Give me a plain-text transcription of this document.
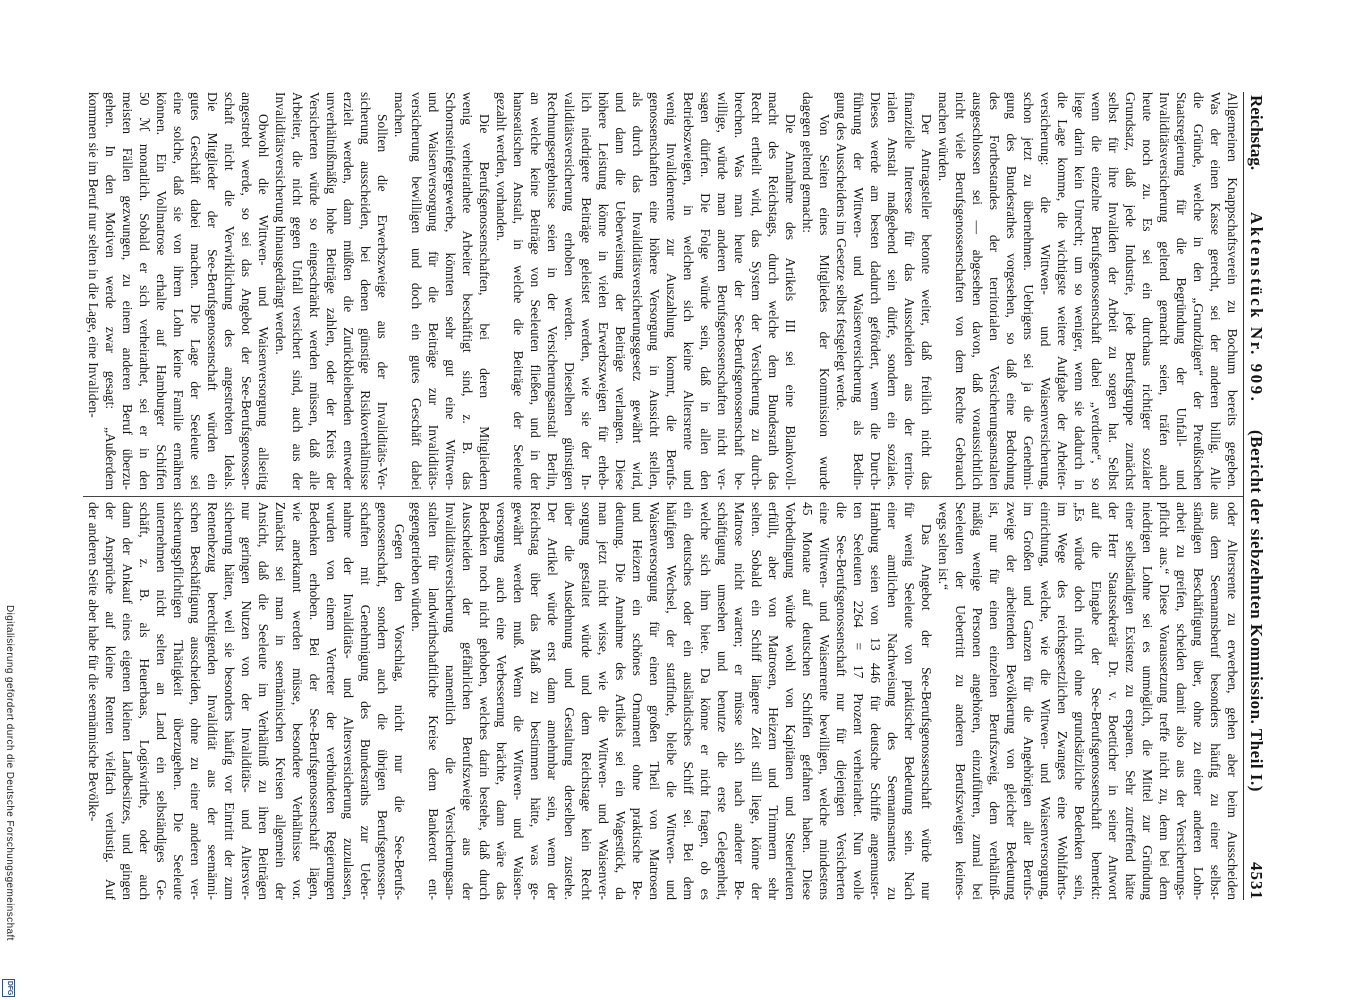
Reichstag.
Aktenstück Nr. 909.
(Bericht der siebzehnten Kommission. Theil I.)
4531
Allgemeinen Knappschaftsverein zu Bochum bereits gegeben.
Was der einen Kasse gerecht, sei der anderen billig. Alle
die Gründe, welche in den „Grundzügen“ der Preußischen
Staatsregierung für die Begründung der Unfall- und
Invaliditätsversicherung geltend gemacht seien, träfen auch
heute noch zu. Es sei ein durchaus richtiger sozialer
Grundsatz, daß jede Industrie, jede Berufsgruppe zunächst
selbst für ihre Invaliden der Arbeit zu sorgen hat. Selbst
wenn die einzelne Berufsgenossenschaft dabei „verdiene“, so
liege darin kein Unrecht; um so weniger, wenn sie dadurch in
die Lage komme, die wichtigste weitere Aufgabe der Arbeiter-
versicherung: die Wittwen- und Waisenversicherung,
schon jetzt zu übernehmen. Uebrigens sei ja die Genehmi-
gung des Bundesrathes vorgesehen, so daß eine Bedrohung
des Fortbestandes der territorialen Versicherungsanstalten
ausgeschlossen sei — abgesehen davon, daß voraussichtlich
nicht viele Berufsgenossenschaften von dem Rechte Gebrauch
machen würden.
Der Antragsteller betonte weiter, daß freilich nicht das
finanzielle Interesse für das Ausscheiden aus der territo-
rialen Anstalt maßgebend sein dürfe, sondern ein soziales.
Dieses werde am besten dadurch gefördert, wenn die Durch-
führung der Wittwen- und Waisenversicherung als Bedin-
gung des Ausscheidens im Gesetze selbst festgelegt werde.
Von Seiten eines Mitgliedes der Kommission wurde
dagegen geltend gemacht:
Die Annahme des Artikels III sei eine Blankovoll-
macht des Reichstags, durch welche dem Bundesrath das
Recht ertheilt wird, das System der Versicherung zu durch-
brechen. Was man heute der See-Berufsgenossenschaft be-
willige, würde man anderen Berufsgenossenschaften nicht ver-
sagen dürfen. Die Folge würde sein, daß in allen den
Betriebszweigen, in welchen sich keine Altersrente und
wenig Invalidenrente zur Auszahlung kommt, die Berufs-
genossenschaften eine höhere Versorgung in Aussicht stellen,
als durch das Invaliditätsversicherungsgesetz gewährt wird,
und dann die Ueberweisung der Beiträge verlangen. Diese
höhere Leistung könne in vielen Erwerbszweigen für erheb-
lich niedrigere Beiträge geleistet werden, wie sie der In-
validitätsversicherung erhoben werden. Dieselben günstigen
Rechnungsergebnisse seien in der Versicherungsanstalt Berlin,
an welche keine Beiträge von Seeleuten fließen, und in der
hanseatischen Anstalt, in welche die Beiträge der Seeleute
gezahlt werden, vorhanden.
Die Berufsgenossenschaften, bei deren Mitgliedern
wenig verheirathete Arbeiter beschäftigt sind, z. B. das
Schornsteinfegergewerbe, könnten sehr gut eine Wittwen-
und Waisenversorgung für die Beiträge zur Invaliditäts-
versicherung bewilligen und doch ein gutes Geschäft dabei
machen.
Sollten die Erwerbszweige aus der Invaliditäts-Ver-
sicherung ausscheiden, bei denen günstige Risikoverhältnisse
erzielt werden, dann müßten die Zurückbleibenden entweder
unverhältnißmäßig hohe Beiträge zahlen, oder der Kreis der
Versicherten würde so eingeschränkt werden müssen, daß alle
Arbeiter, die nicht gegen Unfall versichert sind, auch aus der
Invaliditätsversicherung hinausgedrängt werden.
Obwohl die Wittwen- und Waisenversorgung allseitig
angestrebt werde, so sei das Angebot der See-Berufsgenossen-
schaft nicht die Verwirklichung des angestrebten Ideals.
Die Mitglieder der See-Berufsgenossenschaft würden ein
gutes Geschäft dabei machen. Die Lage der Seeleute sei
eine solche, daß sie von ihrem Lohn keine Familie ernähren
können. Ein Vollmatrose erhalte auf Hamburger Schiffen
50 ℳ monatlich. Sobald er sich verheirathet, sei er in den
meisten Fällen gezwungen, zu einem anderen Beruf überzu-
gehen. In den Motiven werde zwar gesagt: „Außerdem
kommen sie im Beruf nur selten in die Lage, eine Invaliden-
oder Altersrente zu erwerben, gehen aber beim Ausscheiden
aus dem Seemannsberuf besonders häufig zu einer selbst-
ständigen Beschäftigung über, ohne zu einer anderen Lohn-
arbeit zu greifen, scheiden damit also aus der Versicherungs-
pflicht aus.“ Diese Voraussetzung treffe nicht zu, denn bei dem
niedrigen Lohne sei es unmöglich, die Mittel zur Gründung
einer selbständigen Existenz zu ersparen. Sehr zutreffend hätte
der Herr Staatssekretär Dr. v. Boetticher in seiner Antwort
auf die Eingabe der See-Berufsgenossenschaft bemerkt:
„Es würde doch nicht ohne grundsätzliche Bedenken sein,
im Wege des reichsgesetzlichen Zwanges eine Wohlfahrts-
einrichtung, welche, wie die Wittwen- und Waisenversorgung,
im Großen und Ganzen für die Angehörigen aller Berufs-
zweige der arbeitenden Bevölkerung von gleicher Bedeutung
ist, nur für einen einzelnen Berufszweig, dem verhältniß-
mäßig wenige Personen angehören, einzuführen, zumal bei
Seeleuten der Uebertritt zu anderen Berufszweigen keines-
wegs selten ist.“
Das Angebot der See-Berufsgenossenschaft würde nur
für wenig Seeleute von praktischer Bedeutung sein. Nach
einer amtlichen Nachweisung des Seemannsamtes zu
Hamburg seien von 13 446 für deutsche Schiffe angemuster-
ten Seeleuten 2264 = 17 Prozent verheirathet. Nun wolle
die See-Berufsgenossenschaft nur für diejenigen Versicherten
eine Wittwen- und Waisenrente bewilligen, welche mindestens
45 Monate auf deutschen Schiffen gefahren haben. Diese
Vorbedingung würde wohl von Kapitänen und Steuerleuten
erfüllt, aber von Matrosen, Heizern und Trimmern sehr
selten. Sobald ein Schiff längere Zeit still liege, könne der
Matrose nicht warten; er müsse sich nach anderer Be-
schäftigung umsehen und benutze die erste Gelegenheit,
welche sich ihm biete. Da könne er nicht fragen, ob es
ein deutsches oder ein ausländisches Schiff sei. Bei dem
häufigen Wechsel, der stattfinde, bleibe die Wittwen- und
Waisenversorgung für einen großen Theil von Matrosen
und Heizern ein schönes Ornament ohne praktische Be-
deutung. Die Annahme des Artikels sei ein Wagestück, da
man jetzt nicht wisse, wie die Wittwen- und Waisenver-
sorgung gestaltet würde und dem Reichstage kein Recht
über die Ausdehnung und Gestaltung derselben zustehe.
Der Artikel würde erst dann annehmbar sein, wenn der
Reichstag über das Maß zu bestimmen hätte, was ge-
gewährt werden muß. Wenn die Wittwen- und Waisen-
versorgung auch eine Verbesserung brächte, dann wäre das
Bedenken noch nicht gehoben, welches darin bestehe, daß durch
Ausscheiden der gefährlichen Berufszweige aus der
Invaliditätsversicherung namentlich die Versicherungsan-
stalten für landwirthschaftliche Kreise dem Bankerott ent-
gegengetrieben würden.
Gegen den Vorschlag, nicht nur die See-Berufs-
genossenschaft, sondern auch die übrigen Berufsgenossen-
schaften mit Genehmigung des Bundesraths zur Ueber-
nahme der Invaliditäts- und Altersversicherung zuzulassen,
wurden von einem Vertreter der verbündeten Regierungen
Bedenken erhoben. Bei der See-Berufsgenossenschaft lägen,
wie anerkannt werden müsse, besondere Verhältnisse vor.
Zunächst sei man in seemännischen Kreisen allgemein der
Ansicht, daß die Seeleute im Verhältniß zu ihren Beiträgen
nur geringen Nutzen von der Invaliditäts- und Altersver-
sicherung hätten, weil sie besonders häufig vor Eintritt der zum
Rentenbezug berechtigenden Invalidität aus der seemänni-
schen Beschäftigung ausscheiden, ohne zu einer anderen ver-
sicherungspflichtigen Thätigkeit überzugehen. Die Seeleute
unternehmen nicht selten an Land ein selbständiges Ge-
schäft, z. B. als Heuerbaas, Logiswirthe, oder auch
dann der Ankauf eines eigenen kleinen Landbesitzes, und gingen
der Ansprüche auf kleine Renten vielfach verlustig. Auf
der anderen Seite aber habe für die seemännische Bevölke-
Digitalisierung gefördert durch die Deutsche Forschungsgemeinschaft
DFG
